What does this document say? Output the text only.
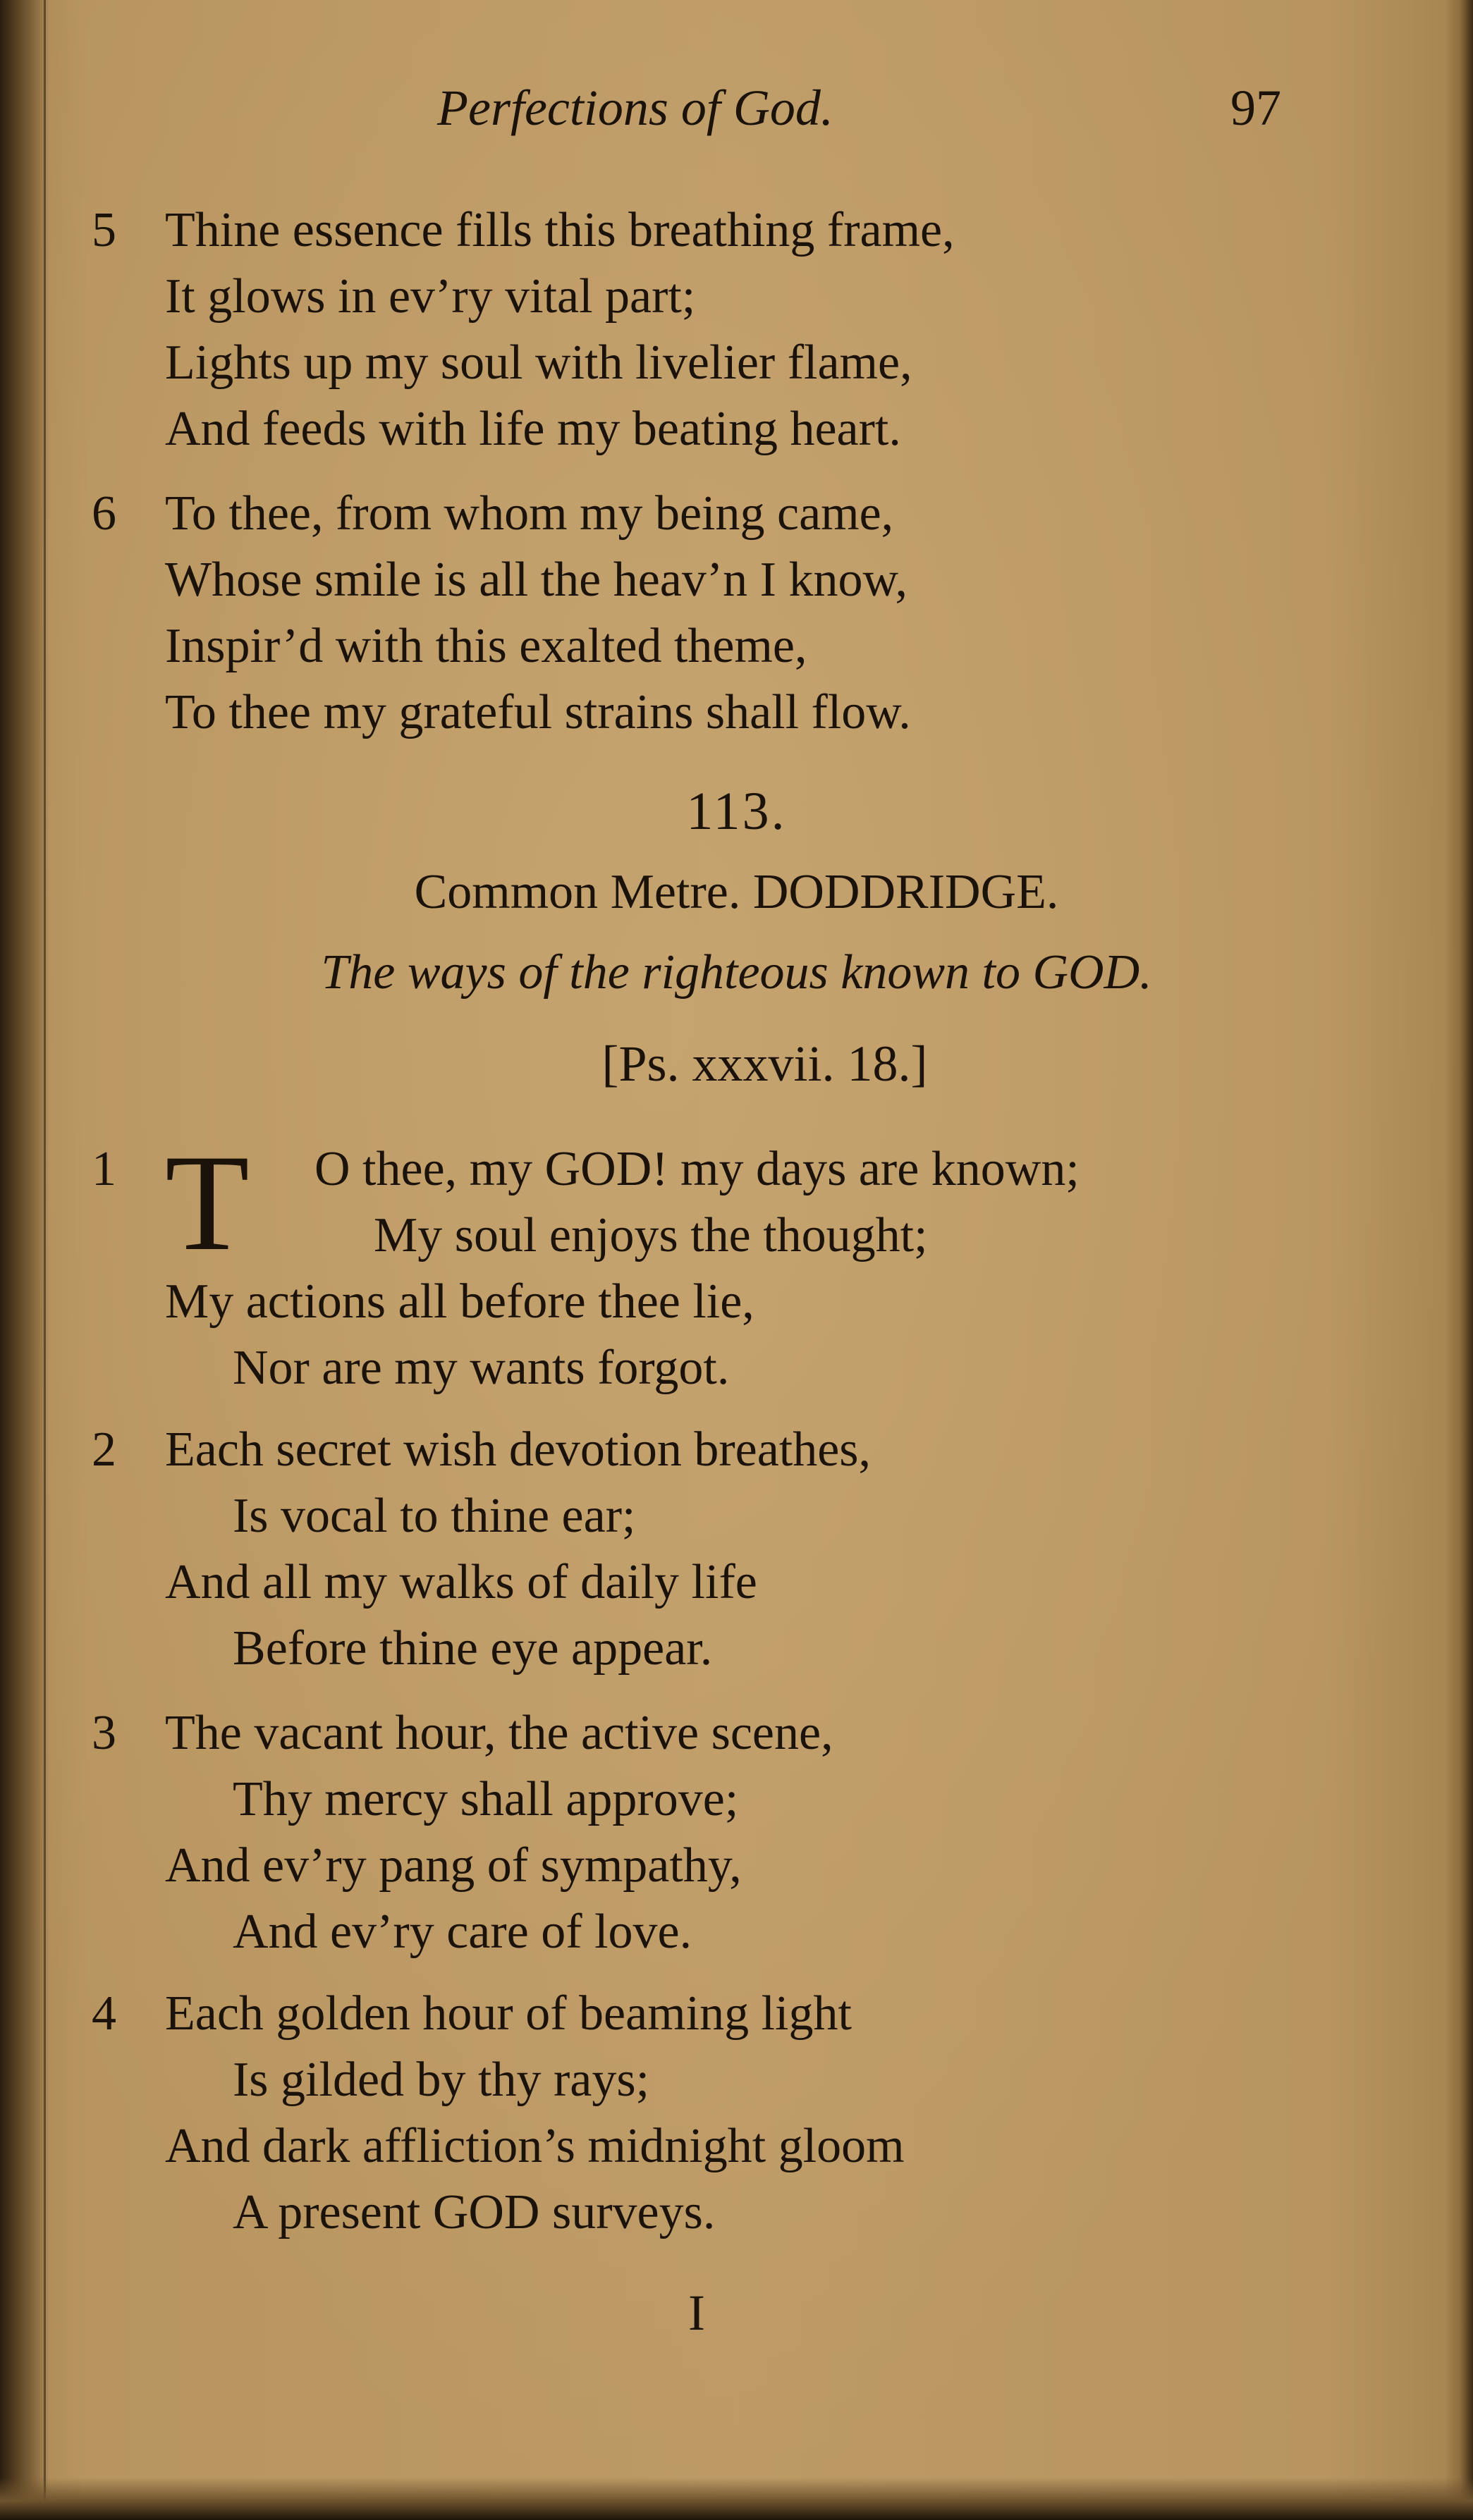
Perfections of God.	97
5 Thine essence fills this breathing frame,
It glows in ev’ry vital part;
Lights up my soul with livelier flame,
And feeds with life my beating heart.
6 To thee, from whom my being came,
Whose smile is all the heav’n I know,
Inspir’d with this exalted theme,
To thee my grateful strains shall flow.
113.
Common Metre. DODDRIDGE.
The ways of the righteous known to GOD.
[Ps. xxxvii. 18.]
1 T O thee, my GOD! my days are known;
My soul enjoys the thought;
My actions all before thee lie,
Nor are my wants forgot.
2 Each secret wish devotion breathes,
Is vocal to thine ear;
And all my walks of daily life
Before thine eye appear.
3 The vacant hour, the active scene,
Thy mercy shall approve;
And ev’ry pang of sympathy,
And ev’ry care of love.
4 Each golden hour of beaming light
Is gilded by thy rays;
And dark affliction’s midnight gloom
A present GOD surveys.
I
